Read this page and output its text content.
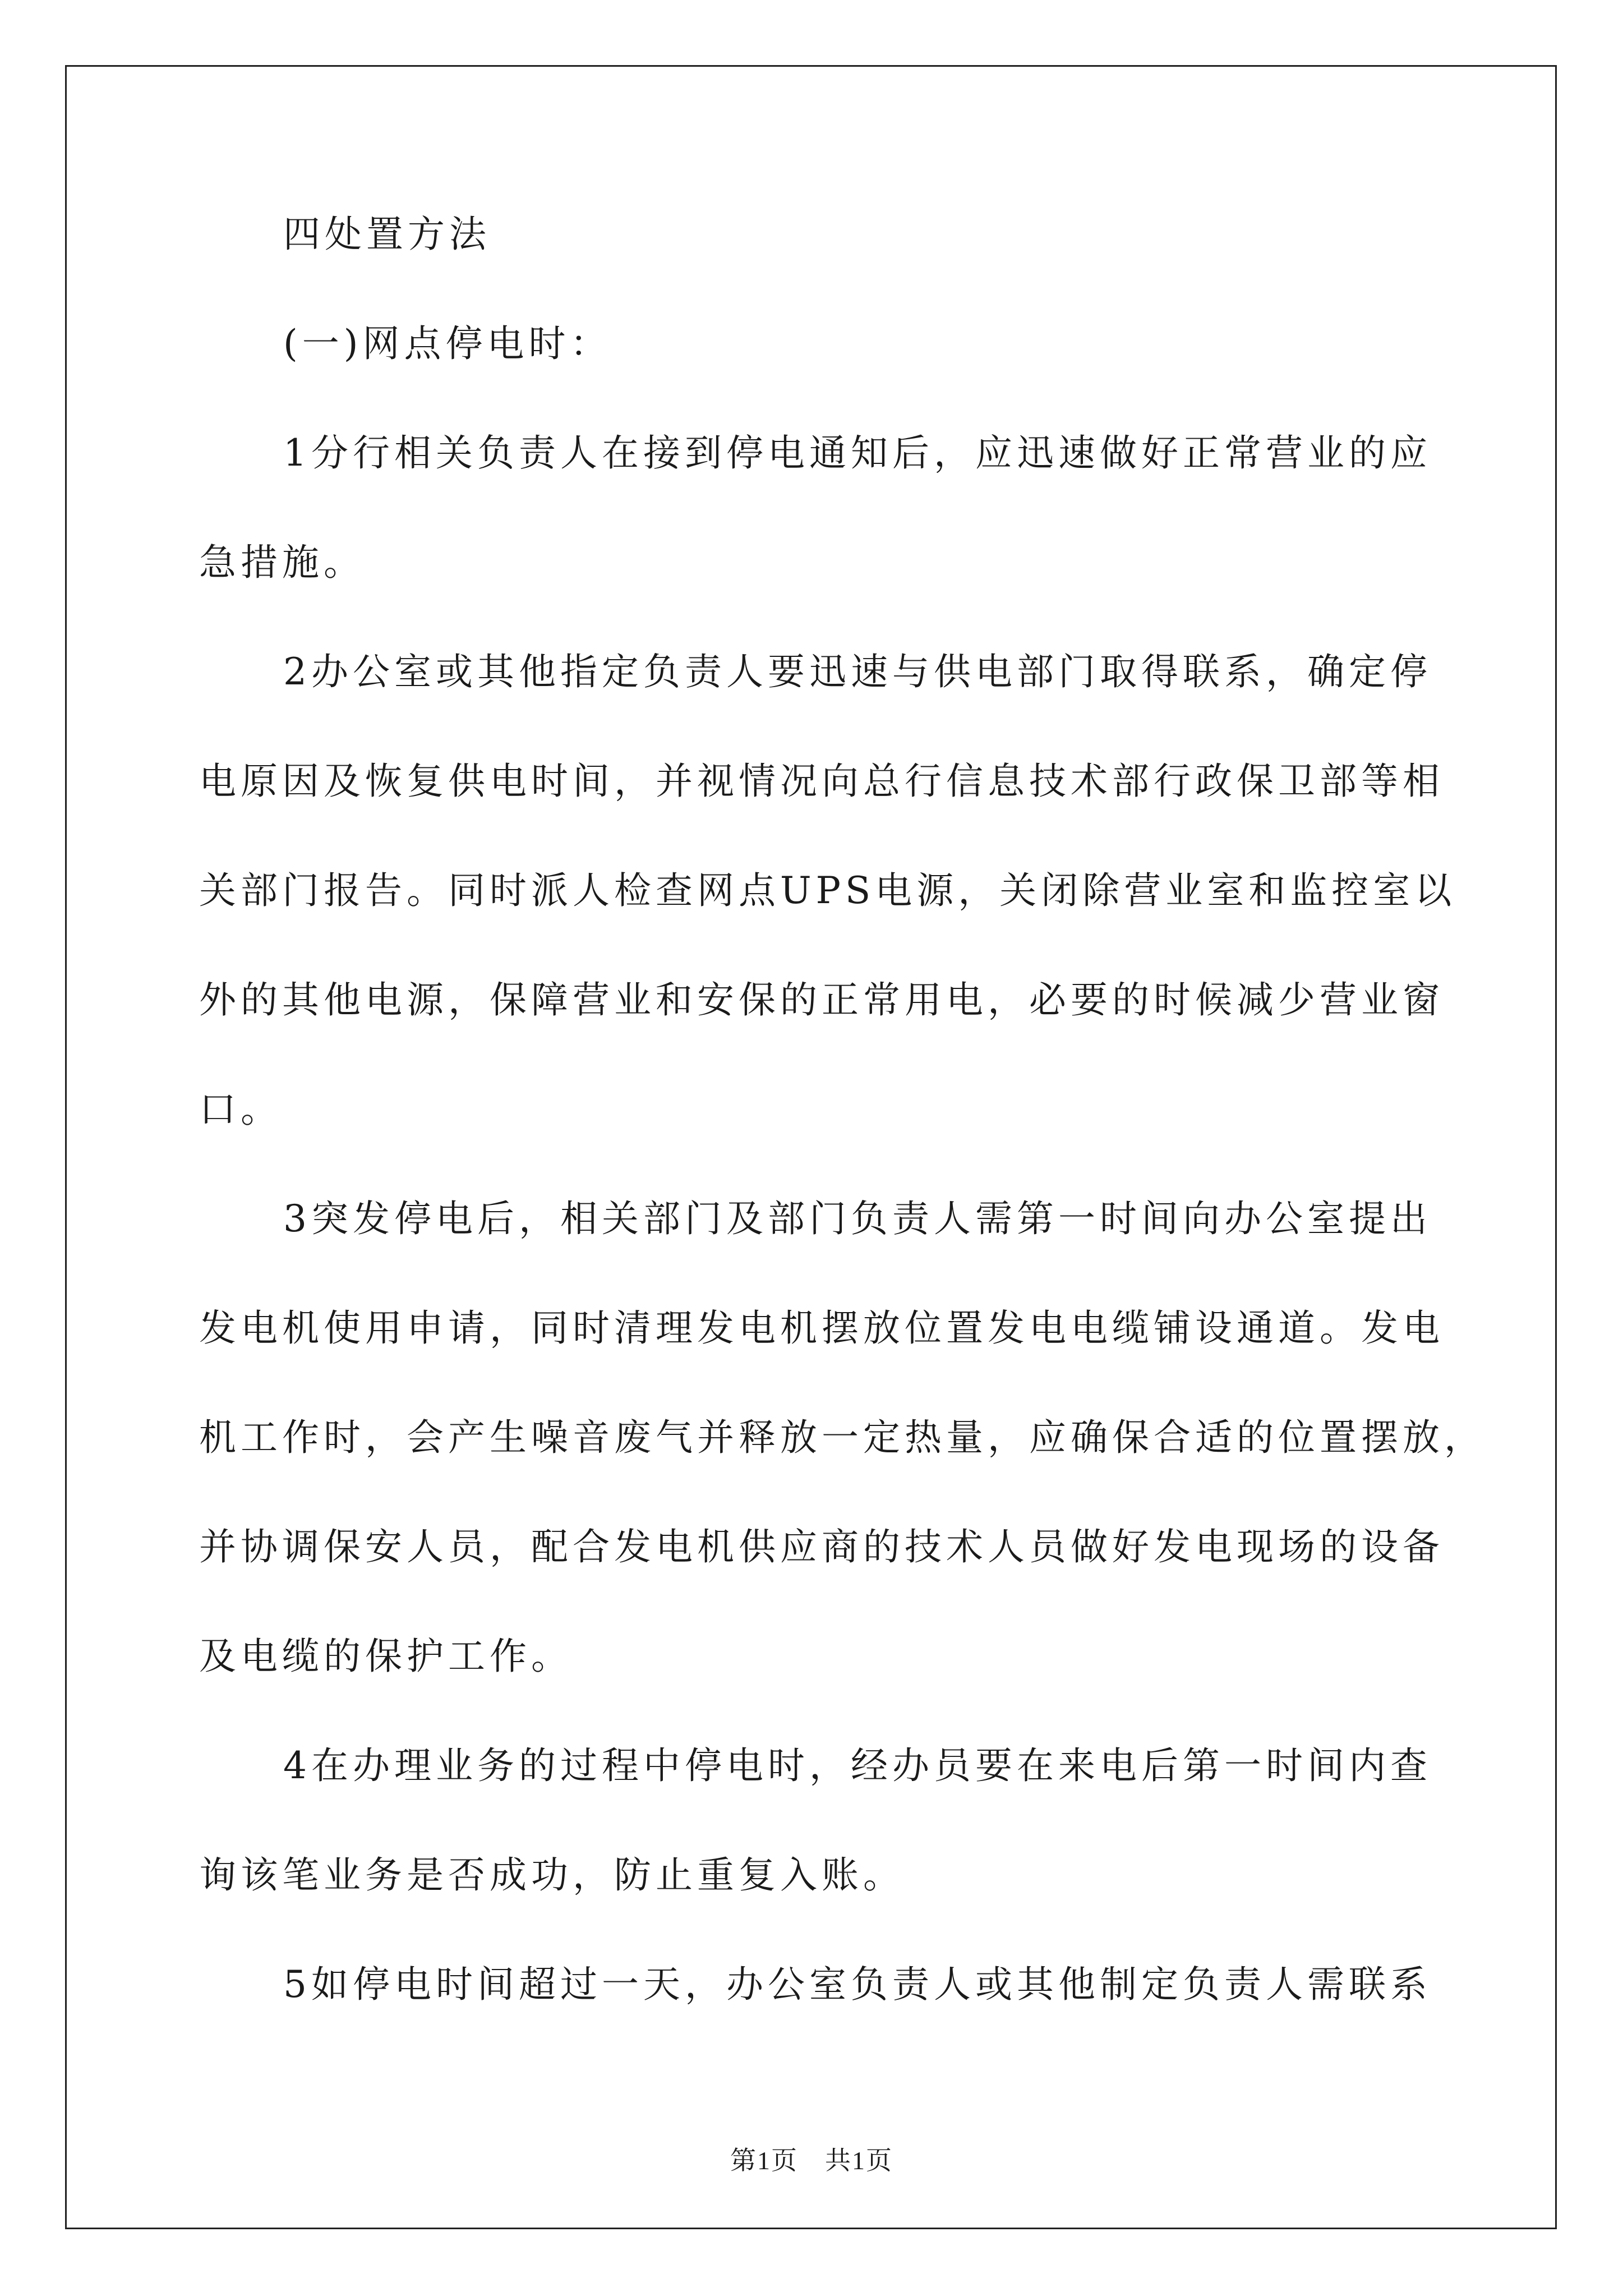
四处置方法
(一)网点停电时：
1分行相关负责人在接到停电通知后，应迅速做好正常营业的应
急措施。
2办公室或其他指定负责人要迅速与供电部门取得联系，确定停
电原因及恢复供电时间，并视情况向总行信息技术部行政保卫部等相
关部门报告。同时派人检查网点UPS电源，关闭除营业室和监控室以
外的其他电源，保障营业和安保的正常用电，必要的时候减少营业窗
口。
3突发停电后，相关部门及部门负责人需第一时间向办公室提出
发电机使用申请，同时清理发电机摆放位置发电电缆铺设通道。发电
机工作时，会产生噪音废气并释放一定热量，应确保合适的位置摆放，
并协调保安人员，配合发电机供应商的技术人员做好发电现场的设备
及电缆的保护工作。
4在办理业务的过程中停电时，经办员要在来电后第一时间内查
询该笔业务是否成功，防止重复入账。
5如停电时间超过一天，办公室负责人或其他制定负责人需联系
第1页　共1页
